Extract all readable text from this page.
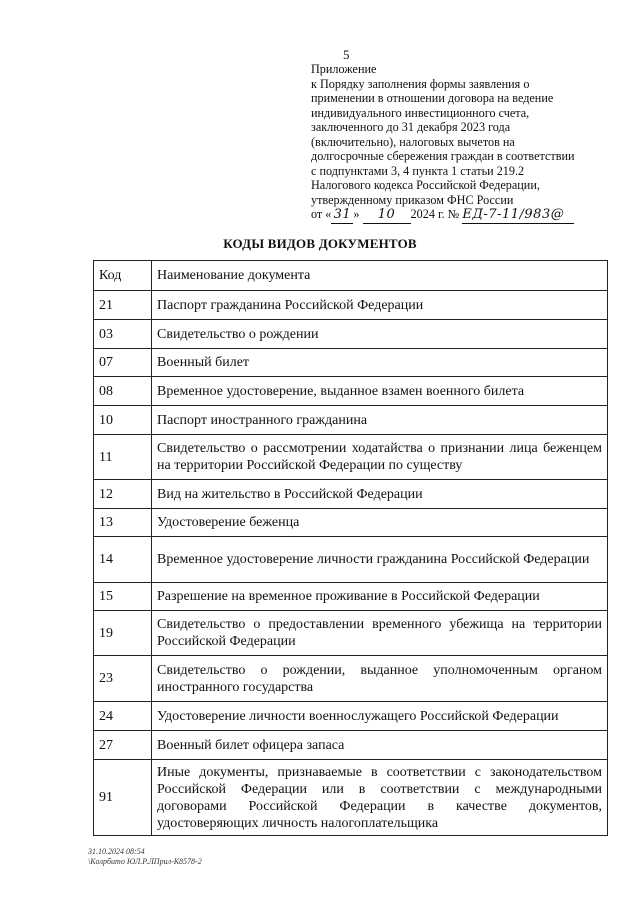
5
Приложение
к Порядку заполнения формы заявления о
применении в отношении договора на ведение
индивидуального инвестиционного счета,
заключенного до 31 декабря 2023 года
(включительно), налоговых вычетов на
долгосрочные сбережения граждан в соответствии
с подпунктами 3, 4 пункта 1 статьи 219.2
Налогового кодекса Российской Федерации,
утвержденному приказом ФНС России
от « 31 » 10 2024 г. № ЕД-7-11/983@
КОДЫ ВИДОВ ДОКУМЕНТОВ
Код	Наименование документа
21	Паспорт гражданина Российской Федерации
03	Свидетельство о рождении
07	Военный билет
08	Временное удостоверение, выданное взамен военного билета
10	Паспорт иностранного гражданина
11	Свидетельство о рассмотрении ходатайства о признании лица беженцем на территории Российской Федерации по существу
12	Вид на жительство в Российской Федерации
13	Удостоверение беженца
14	Временное удостоверение личности гражданина Российской Федерации
15	Разрешение на временное проживание в Российской Федерации
19	Свидетельство о предоставлении временного убежища на территории Российской Федерации
23	Свидетельство о рождении, выданное уполномоченным органом иностранного государства
24	Удостоверение личности военнослужащего Российской Федерации
27	Военный билет офицера запаса
91	Иные документы, признаваемые в соответствии с законодательством Российской Федерации или в соответствии с международными договорами Российской Федерации в качестве документов, удостоверяющих личность налогоплательщика
31.10.2024 08:54
\Кoлрбито ЮЛ.Р.ЛПрил-К8578-2
